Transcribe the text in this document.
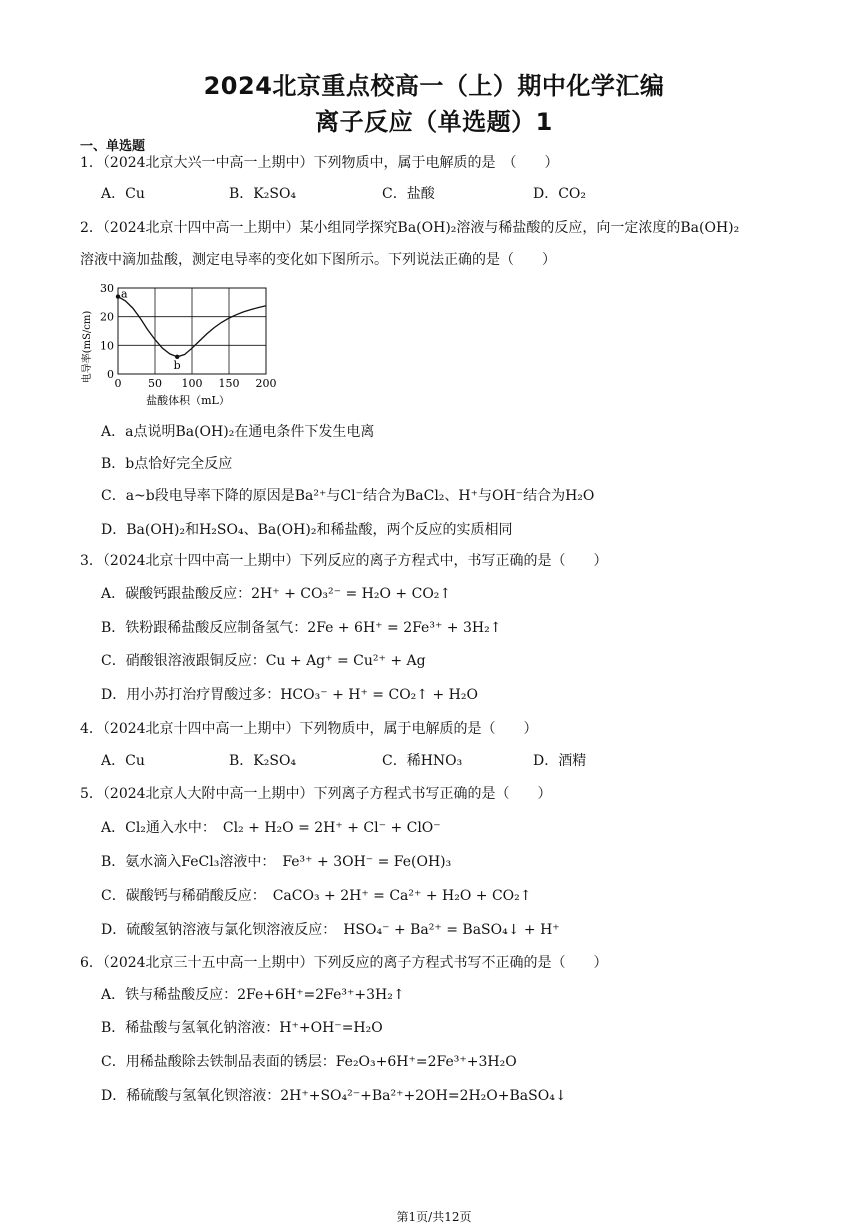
2024北京重点校高一（上）期中化学汇编
离子反应（单选题）1
一、单选题
1．（2024北京大兴一中高一上期中）下列物质中，属于电解质的是　（　　）
A．Cu	B．K₂SO₄	C．盐酸	D．CO₂
2．（2024北京十四中高一上期中）某小组同学探究Ba(OH)₂溶液与稀盐酸的反应，向一定浓度的Ba(OH)₂
溶液中滴加盐酸，测定电导率的变化如下图所示。下列说法正确的是（　　）
0 50 100 150 200
0
10
20
30 a
b
电导率(mS/cm)
盐酸体积（mL）
A．a点说明Ba(OH)₂在通电条件下发生电离
B．b点恰好完全反应
C．a~b段电导率下降的原因是Ba²⁺与Cl⁻结合为BaCl₂、H⁺与OH⁻结合为H₂O
D．Ba(OH)₂和H₂SO₄、Ba(OH)₂和稀盐酸，两个反应的实质相同
3．（2024北京十四中高一上期中）下列反应的离子方程式中，书写正确的是（　　）
A．碳酸钙跟盐酸反应：2H⁺ + CO₃²⁻ = H₂O + CO₂↑
B．铁粉跟稀盐酸反应制备氢气：2Fe + 6H⁺ = 2Fe³⁺ + 3H₂↑
C．硝酸银溶液跟铜反应：Cu + Ag⁺ = Cu²⁺ + Ag
D．用小苏打治疗胃酸过多：HCO₃⁻ + H⁺ = CO₂↑ + H₂O
4．（2024北京十四中高一上期中）下列物质中，属于电解质的是（　　）
A．Cu	B．K₂SO₄	C．稀HNO₃	D．酒精
5．（2024北京人大附中高一上期中）下列离子方程式书写正确的是（　　）
A．Cl₂通入水中：　Cl₂ + H₂O = 2H⁺ + Cl⁻ + ClO⁻
B．氨水滴入FeCl₃溶液中：　Fe³⁺ + 3OH⁻ = Fe(OH)₃
C．碳酸钙与稀硝酸反应：　CaCO₃ + 2H⁺ = Ca²⁺ + H₂O + CO₂↑
D．硫酸氢钠溶液与氯化钡溶液反应：　HSO₄⁻ + Ba²⁺ = BaSO₄↓ + H⁺
6．（2024北京三十五中高一上期中）下列反应的离子方程式书写不正确的是（　　）
A．铁与稀盐酸反应：2Fe+6H⁺=2Fe³⁺+3H₂↑
B．稀盐酸与氢氧化钠溶液：H⁺+OH⁻=H₂O
C．用稀盐酸除去铁制品表面的锈层：Fe₂O₃+6H⁺=2Fe³⁺+3H₂O
D．稀硫酸与氢氧化钡溶液：2H⁺+SO₄²⁻+Ba²⁺+2OH=2H₂O+BaSO₄↓
第1页/共12页
